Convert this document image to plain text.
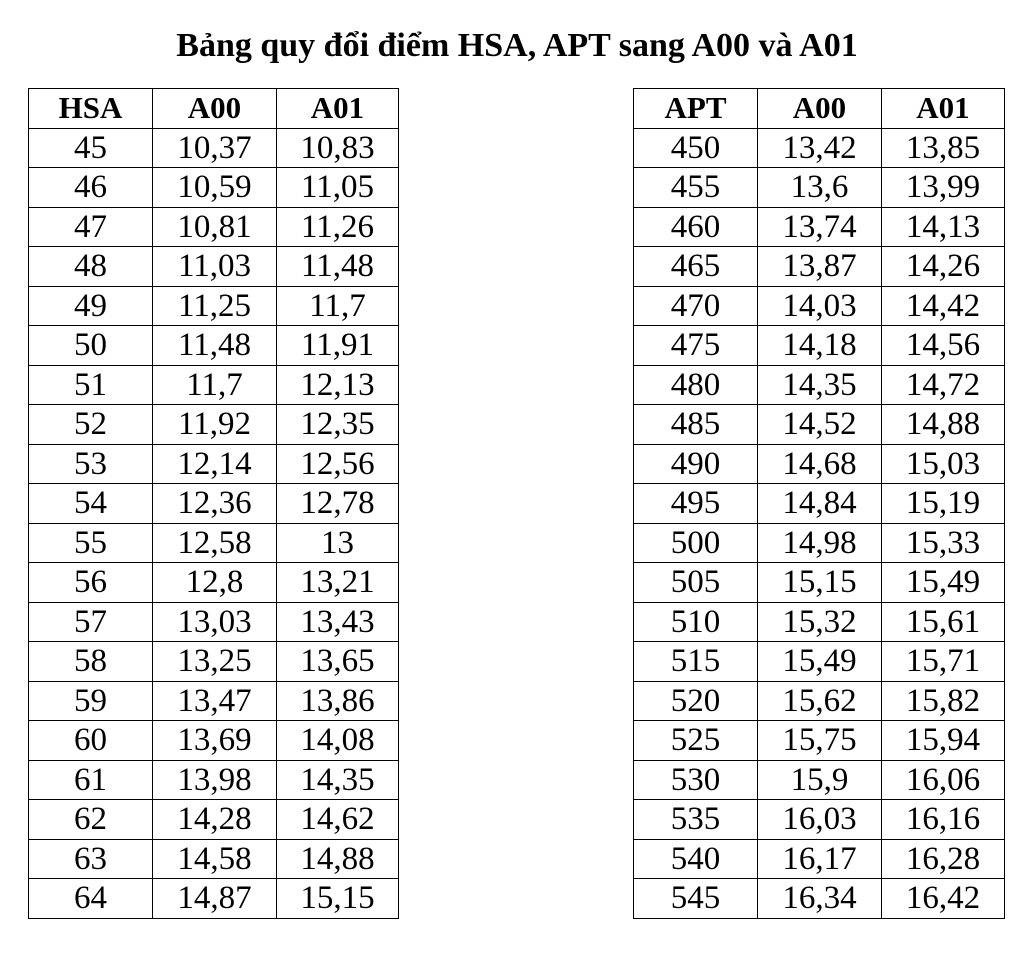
Bảng quy đổi điểm HSA, APT sang A00 và A01
HSA	A00	A01
45	10,37	10,83
46	10,59	11,05
47	10,81	11,26
48	11,03	11,48
49	11,25	11,7
50	11,48	11,91
51	11,7	12,13
52	11,92	12,35
53	12,14	12,56
54	12,36	12,78
55	12,58	13
56	12,8	13,21
57	13,03	13,43
58	13,25	13,65
59	13,47	13,86
60	13,69	14,08
61	13,98	14,35
62	14,28	14,62
63	14,58	14,88
64	14,87	15,15
APT	A00	A01
450	13,42	13,85
455	13,6	13,99
460	13,74	14,13
465	13,87	14,26
470	14,03	14,42
475	14,18	14,56
480	14,35	14,72
485	14,52	14,88
490	14,68	15,03
495	14,84	15,19
500	14,98	15,33
505	15,15	15,49
510	15,32	15,61
515	15,49	15,71
520	15,62	15,82
525	15,75	15,94
530	15,9	16,06
535	16,03	16,16
540	16,17	16,28
545	16,34	16,42
